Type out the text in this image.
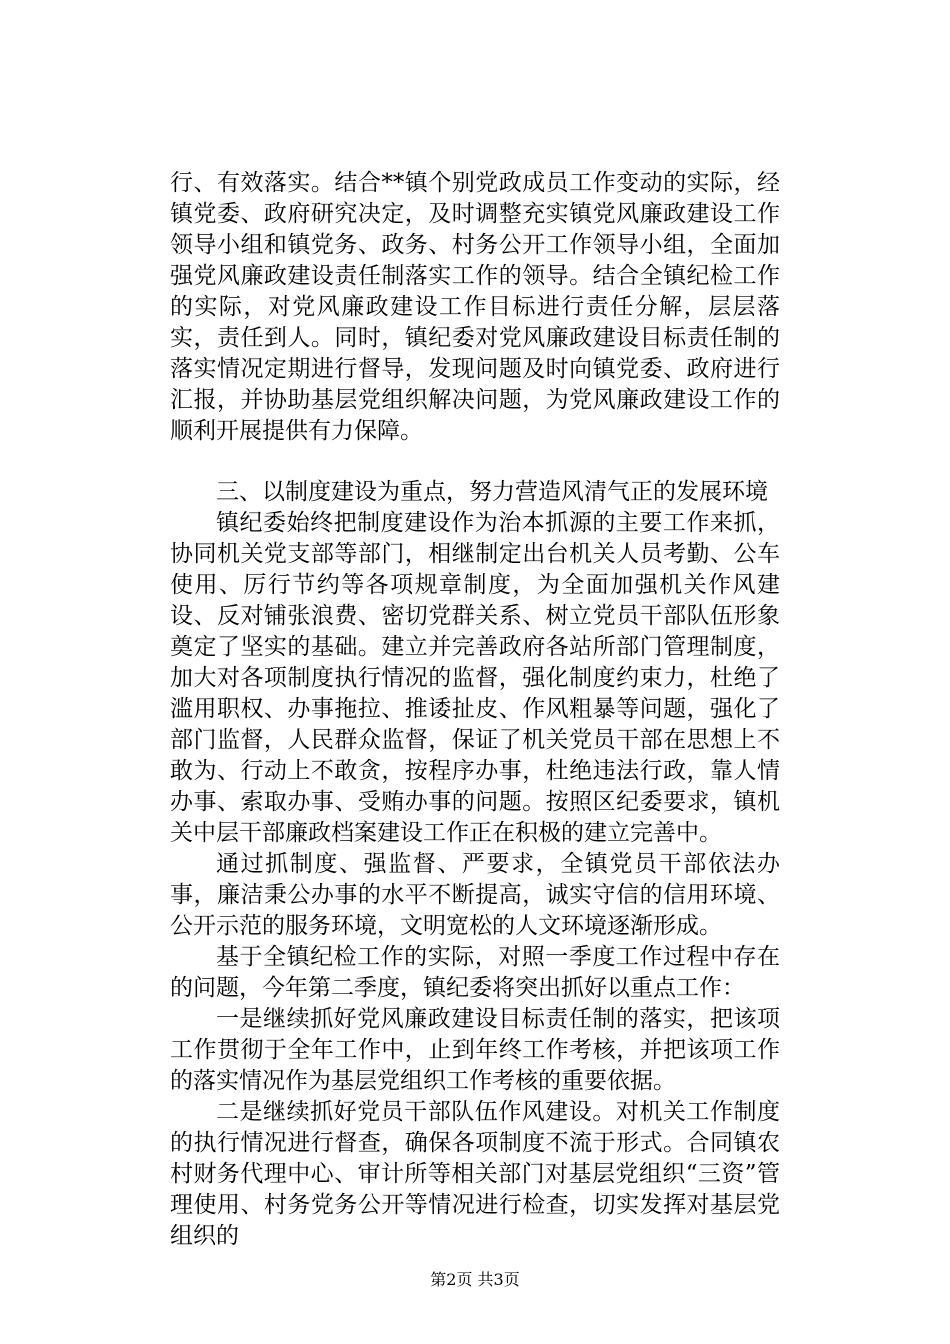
行、有效落实。结合**镇个别党政成员工作变动的实际，经镇党委、政府研究决定，及时调整充实镇党风廉政建设工作领导小组和镇党务、政务、村务公开工作领导小组，全面加强党风廉政建设责任制落实工作的领导。结合全镇纪检工作的实际，对党风廉政建设工作目标进行责任分解，层层落实，责任到人。同时，镇纪委对党风廉政建设目标责任制的落实情况定期进行督导，发现问题及时向镇党委、政府进行汇报，并协助基层党组织解决问题，为党风廉政建设工作的顺利开展提供有力保障。

三、以制度建设为重点，努力营造风清气正的发展环境

镇纪委始终把制度建设作为治本抓源的主要工作来抓，协同机关党支部等部门，相继制定出台机关人员考勤、公车使用、厉行节约等各项规章制度，为全面加强机关作风建设、反对铺张浪费、密切党群关系、树立党员干部队伍形象奠定了坚实的基础。建立并完善政府各站所部门管理制度，加大对各项制度执行情况的监督，强化制度约束力，杜绝了滥用职权、办事拖拉、推诿扯皮、作风粗暴等问题，强化了部门监督，人民群众监督，保证了机关党员干部在思想上不敢为、行动上不敢贪，按程序办事，杜绝违法行政，靠人情办事、索取办事、受贿办事的问题。按照区纪委要求，镇机关中层干部廉政档案建设工作正在积极的建立完善中。

通过抓制度、强监督、严要求，全镇党员干部依法办事，廉洁秉公办事的水平不断提高，诚实守信的信用环境、公开示范的服务环境，文明宽松的人文环境逐渐形成。

基于全镇纪检工作的实际，对照一季度工作过程中存在的问题，今年第二季度，镇纪委将突出抓好以重点工作：

一是继续抓好党风廉政建设目标责任制的落实，把该项工作贯彻于全年工作中，止到年终工作考核，并把该项工作的落实情况作为基层党组织工作考核的重要依据。

二是继续抓好党员干部队伍作风建设。对机关工作制度的执行情况进行督查，确保各项制度不流于形式。合同镇农村财务代理中心、审计所等相关部门对基层党组织“三资”管理使用、村务党务公开等情况进行检查，切实发挥对基层党组织的

第2页 共3页
